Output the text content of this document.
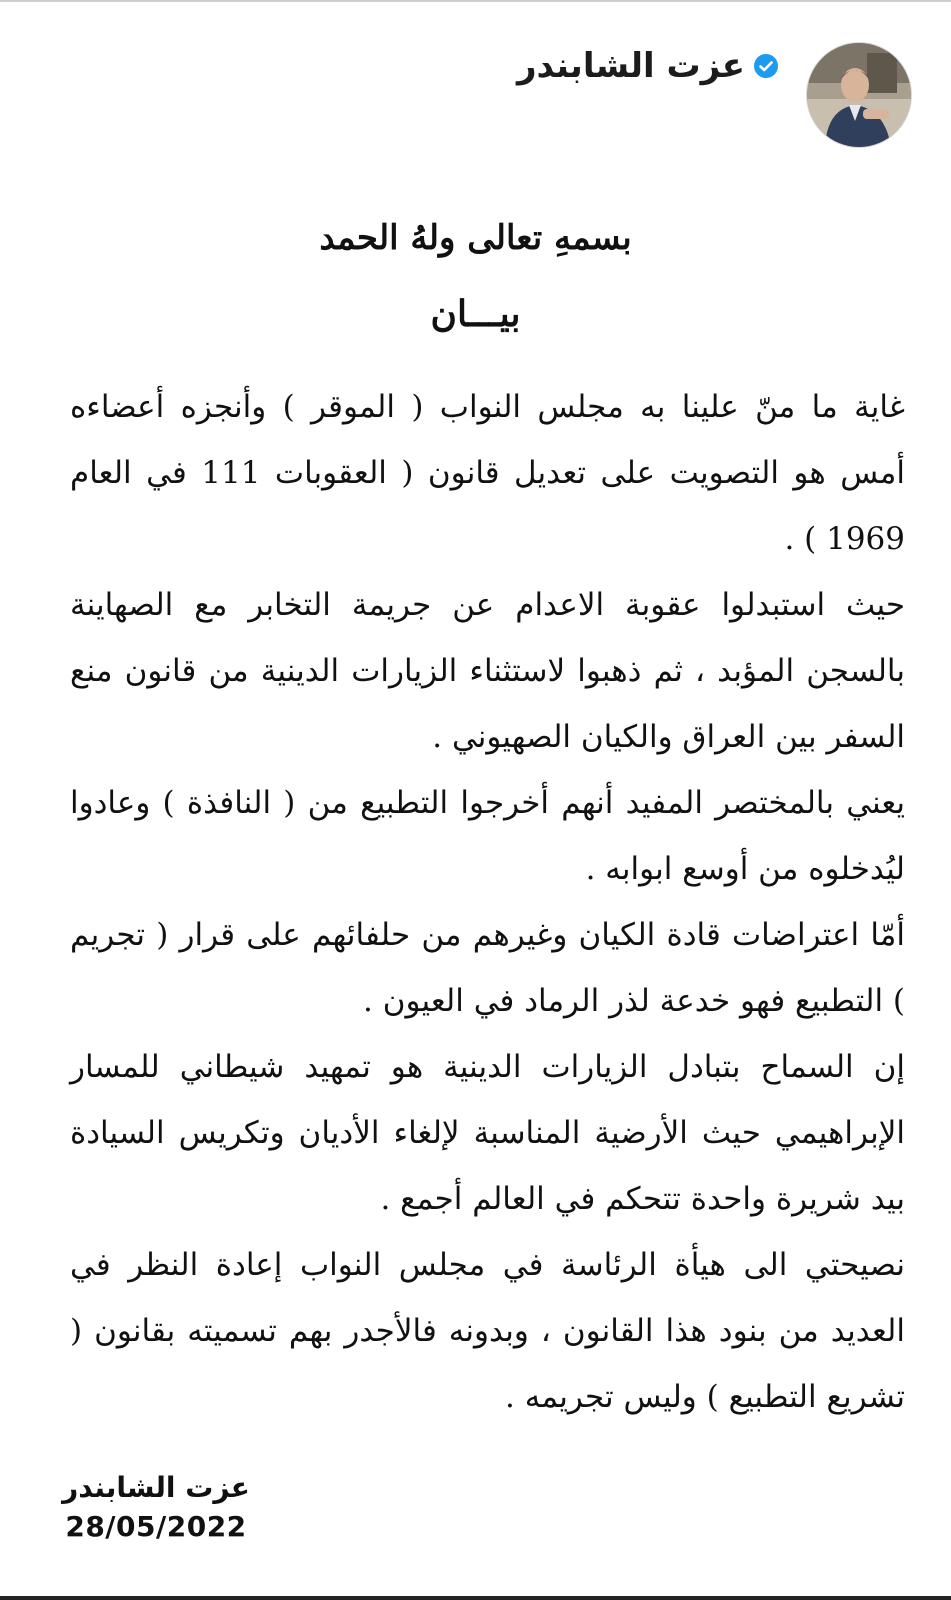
عزت الشابندر

بسمهِ تعالى ولهُ الحمد

بيـــان

غاية ما منّ علينا به مجلس النواب ( الموقر ) وأنجزه أعضاءه أمس هو التصويت على تعديل قانون ( العقوبات 111 في العام 1969 ) .

حيث استبدلوا عقوبة الاعدام عن جريمة التخابر مع الصهاينة بالسجن المؤبد ، ثم ذهبوا لاستثناء الزيارات الدينية من قانون منع السفر بين العراق والكيان الصهيوني .

يعني بالمختصر المفيد أنهم أخرجوا التطبيع من ( النافذة ) وعادوا ليُدخلوه من أوسع ابوابه .

أمّا اعتراضات قادة الكيان وغيرهم من حلفائهم على قرار ( تجريم ) التطبيع فهو خدعة لذر الرماد في العيون .

إن السماح بتبادل الزيارات الدينية هو تمهيد شيطاني للمسار الإبراهيمي حيث الأرضية المناسبة لإلغاء الأديان وتكريس السيادة بيد شريرة واحدة تتحكم في العالم أجمع .

نصيحتي الى هيأة الرئاسة في مجلس النواب إعادة النظر في العديد من بنود هذا القانون ، وبدونه فالأجدر بهم تسميته بقانون ( تشريع التطبيع ) وليس تجريمه .

عزت الشابندر
28/05/2022
